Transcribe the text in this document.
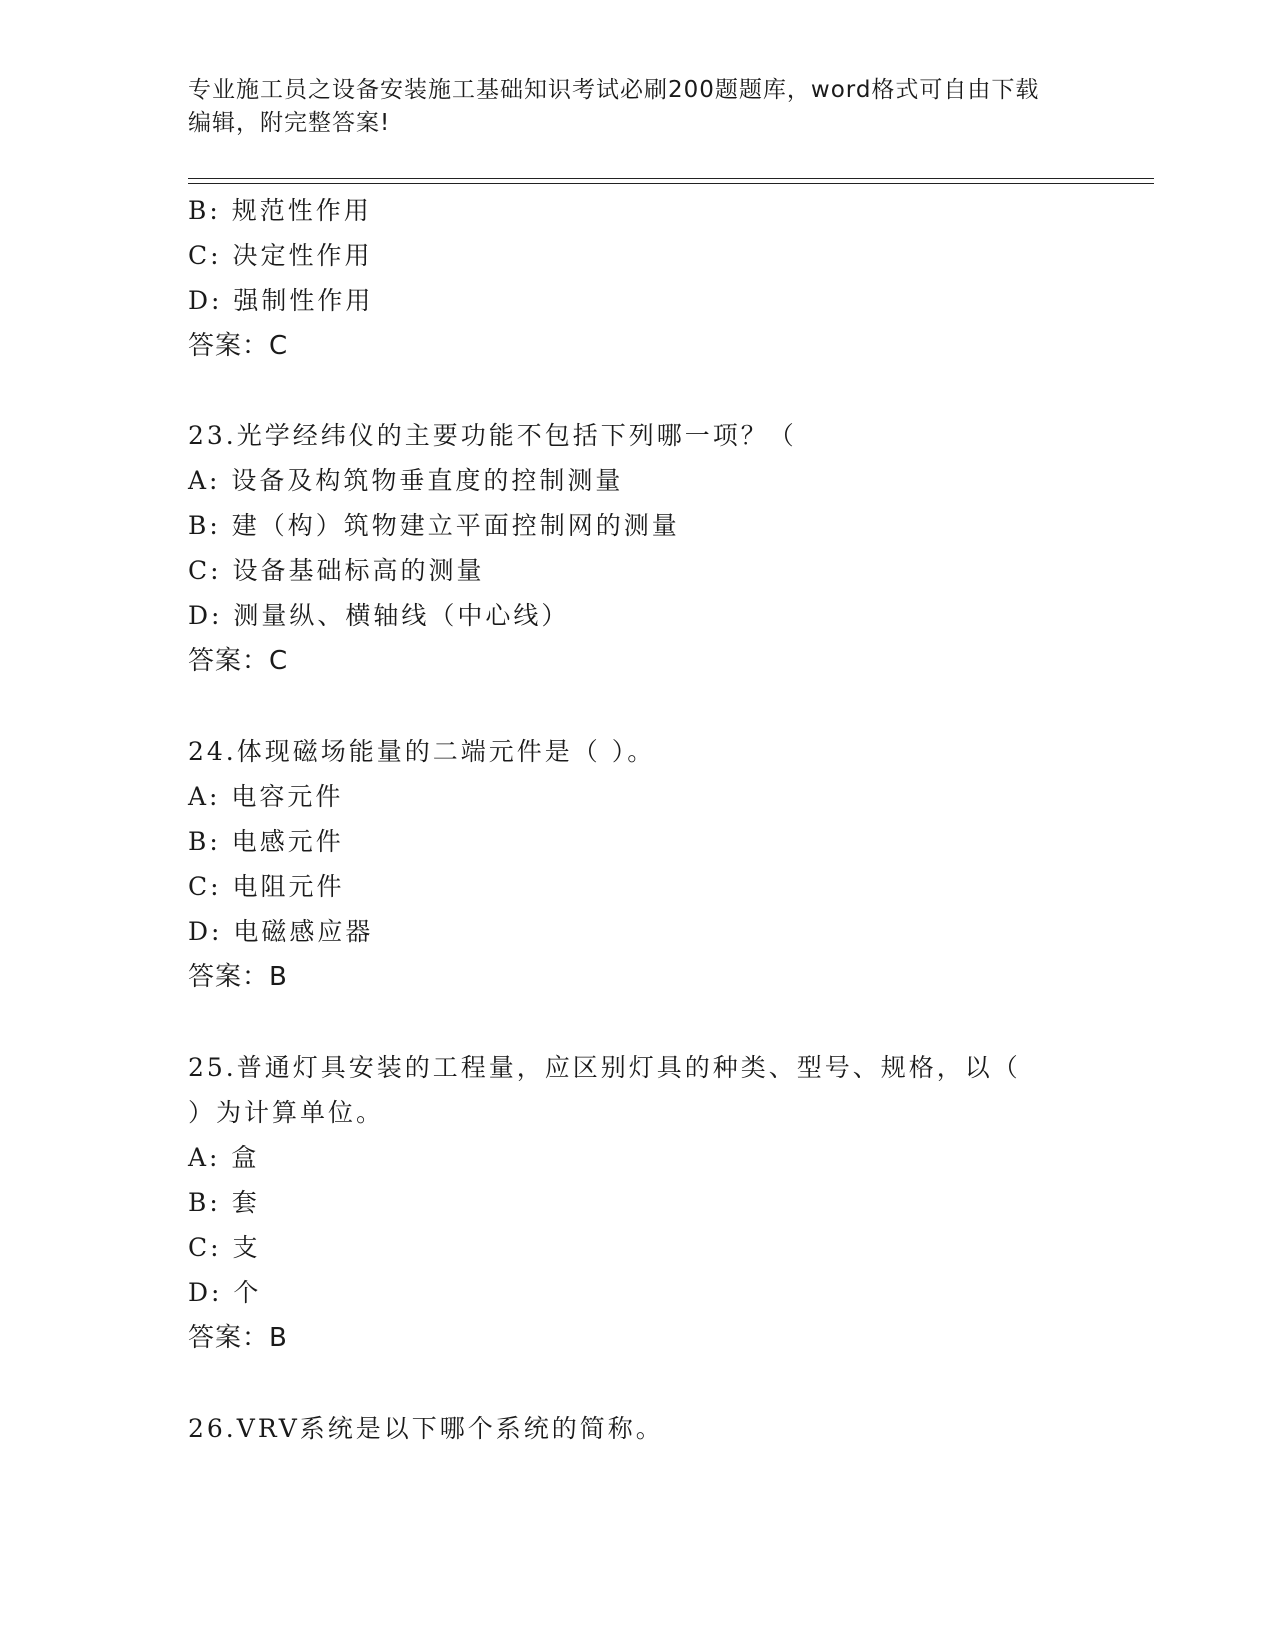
专业施工员之设备安装施工基础知识考试必刷200题题库，word格式可自由下载
编辑，附完整答案!
B: 规范性作用
C: 决定性作用
D: 强制性作用
答案：C
23.光学经纬仪的主要功能不包括下列哪一项？（
A: 设备及构筑物垂直度的控制测量
B: 建（构）筑物建立平面控制网的测量
C: 设备基础标高的测量
D: 测量纵、横轴线（中心线）
答案：C
24.体现磁场能量的二端元件是（ ）。
A: 电容元件
B: 电感元件
C: 电阻元件
D: 电磁感应器
答案：B
25.普通灯具安装的工程量，应区别灯具的种类、型号、规格，以（
）为计算单位。
A: 盒
B: 套
C: 支
D: 个
答案：B
26.VRV系统是以下哪个系统的简称。
